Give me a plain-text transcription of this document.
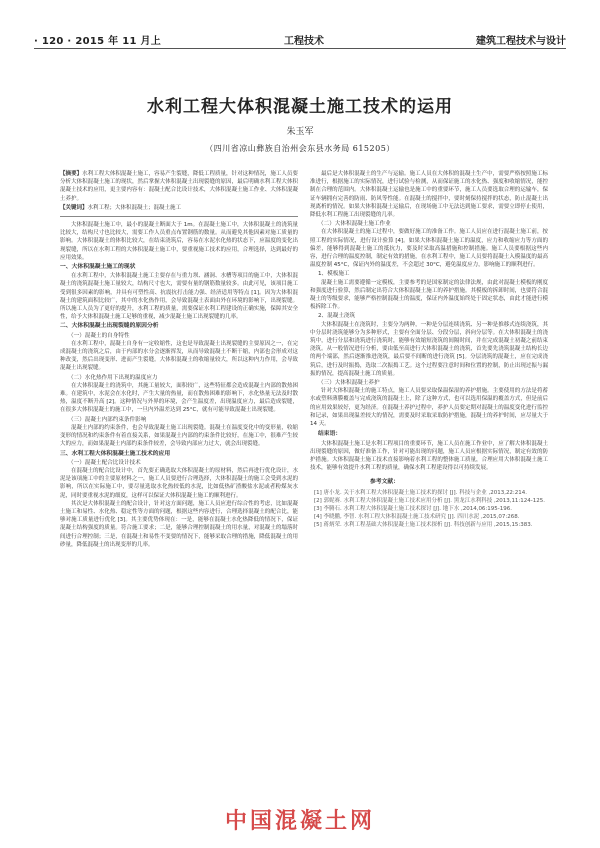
· 120 · 2015 年 11 月上	工程技术	建筑工程技术与设计
水利工程大体积混凝土施工技术的运用
朱玉军
（四川省凉山彝族自治州会东县水务局 615205）
【摘要】水利工程大体积混凝土施工，容易产生裂缝，降低工程质量，针对这种情况，施工人员要分析大体积混凝土施工的现状，然后掌握大体积混凝土出现裂缝的原因，最后明确水利工程大体积混凝土技术的应用，更主要内容有：混凝土配合比设计技术，大体积混凝土施工作业、大体积混凝土养护。
【关键词】水利工程；大体积混凝土；混凝土施工

大体积混凝土施工中，最小的混凝土断面大于 1m。在混凝土施工中，大体积混凝土的浇筑量比较大，结构尺寸也比较大，需要工作人员重点布置钢筋的数量。从而避免其他因素对施工质量的影响。大体积混凝土的体积比较大，在结束浇筑后，容易在水泥水化热的状态下，应温度的变化出现裂缝，所以在水利工程的大体积混凝土施工中，要重视施工技术的应用，合理选择，达到最好的应用效果。

一、大体积混凝土施工的现状

在水利工程中，大体积混凝土施工主要存在与重力坝、涵洞、水槽等项目的施工中，大体积混凝土的浇筑混凝土施工量较大，结构尺寸也大，需要有量的钢筋数量较多。由此可见，该项目施工受到很多因素的影响，并具有可塑性高、抗震抗打击能力强、经济适用等特点 [1]。因为大体积混凝土的建筑面积比较广，其中的水化热作用，会导致混凝土表面由外在环境的影响下，出现裂缝。所以施工人员为了更好的提升，水利工程的质量，需要保证水利工程建设的正确实施，保障其安全性，给予大体积混凝土施工足够的重视，减少混凝土施工出现裂缝的几率。

二、大体积混凝土出现裂缝的原因分析
（一）混凝土的自身特性

在水利工程中，混凝土自身有一定收缩性，这也是导致混凝土出现裂缝的主要原因之一，在完成混凝土的浇筑之后，由于内部的水分会逐渐挥发，从而导致混凝土不断干缩，内部也会形成对这种改变，然后出现变形、进而产生裂缝。大体积混凝土的收缩量较大，所以这种内力作用，会导致混凝土出现裂缝。

（二）水化热作用下出现的温度应力

在大体积混凝土的浇筑中，其施工量较大，面积较广，这些特征都会造成混凝土内部的散热困难。在建筑中，水泥会在水化时，产生大量的热量，而在散热困难的影响下，水化热量无法及时散热，温度不断升高 [2]。这种情况与外界的环境，会产生温度差，出现温度应力，最后造成裂缝，在很多大体积混凝土的施工中，一旦内外温差达到 25°C，就有可能导致混凝土出现裂缝。

（三）混凝土内部约束条件影响

混凝土内部的约束条件，也会导致混凝土施工出现裂缝。混凝土在温度变化中的变形量，收缩变形的情况和约束条件有着直接关系，如果混凝土内部的约束条件比较好，在施工中，很难产生较大的应力，而如果混凝土内部约束条件较差，会导致内部应力过大，就会出现裂缝。

三、水利工程大体积混凝土施工技术的应用
（一）混凝土配合比设计技术

在混凝土的配合比设计中，首先要正确选取大体积混凝土的原材料，然后再进行优化设计，水泥是该项施工中的主要原材料之一，施工人员要进行合理选择，大体积混凝土的施工会受到水泥的影响，所以在实际施工中，要尽量选取水化热较低的水泥，比如低热矿渣酸盐水泥或者粉煤灰水泥，同时要重视水泥的细度，这样可以保证大体积混凝土施工的顺利进行。

其次是大体积混凝土的配合设计，针对这方面问题，施工人员应进行综合性的考虑，比如混凝土施工和易性、水化热、稳定性等方面的问题，根据这些内容进行，合理选择混凝土的配合比，能够对施工质量进行优化 [3]。其主要优势体现在：一是，能够在混凝土水化热降低的情况下，保证混凝土结构强度的质量。符合施工要求；二是，能够合理控制混凝土的用水量，对混凝土的塌落时间进行合理控制；三是，在混凝土和易性不变要的情况下，能够采取合理的措施，降低混凝土的用砂量，降低混凝土的出现变形的几率。

最后是大体积混凝土的生产与运输。施工人员在大体积的混凝土生产中，需要严格按照施工标准进行，根据施工的实际情况，进行试验与检测，从而保证施工的水化热、强度和收缩情况，能控制在合理的范围内。大体积混凝土运输也是施工中的重要环节，施工人员要选取合理的运输车，保证车辆拥有完善的防雨、防风等性能。在混凝土的搅拌中，要时刻保持搅拌的状态，防止混凝土出现离析的情况。如果大体积混凝土运输后，在现场施工中无法达到施工要求，需要立即停止使用，降低水利工程施工出现裂缝的几率。

（二）大体积混凝土施工作业

在大体积混凝土的施工过程中，要做好施工的准备工作。施工人员应在进行混凝土施工前，按照工程的实际情况，进行设计验算 [4]。如果大体积混凝土施工的温度，应力和收缩应力等方面的偏差，能够得到混凝土施工的抵抗力，要及时采取高温措施和控制措施。施工人员要根据这些内容，进行合理的温度控制，制定有效的措施，在水利工程中，施工人员要将混凝土入模温度的最高温度控制 45°C，保证内外的温度差，不会超过 30°C，避免温度应力，影响施工的顺利进行。

1、模板施工

混凝土施工需要遵循一定模板，主要参考的是国家制定的法律法规，由此对混凝土模板的刚度和强度进行验算，然后制定出符合大体积混凝土施工的养护措施。其模板的拆卸时间，也要符合混凝土的等级要求，能够严格控制混凝土的温度，保证内外温度始终处于固定状态，由此才能进行模板拆除工作。

2、混凝土浇筑

大体积混凝土在浇筑时，主要分为两种，一种是分层连续浇筑、另一种是推移式连续浇筑，其中分层时浇筑能够分为多种形式，主要有全面分层、分段分层，斜向分层等。在大体积混凝土的浇筑中，进行分层和浇筑进行浇筑时，能够有效缩短浇筑的间隔时间，并在完成混凝土初凝之前结束浇筑。从一般情况进行分析，要由低至高进行大体积混凝土的浇筑，首先要先浇筑混凝土结构长边的两个端部，然后逐渐推进浇筑，最后要不间断的进行浇筑 [5]。分层浇筑的混凝土，应在完成浇筑后，进行及时振捣，选取二次振捣工艺。这个过程要注意时间和位置的控制，防止出现过振与漏振的情况，提高混凝土施工的质量。

（三）大体积混凝土养护

针对大体积混凝土的施工特点，施工人员要采取保温保湿的养护措施。主要使用的方法是将蓄水或塑料薄膜覆盖与完成浇筑的混凝土上，除了这种方式，也可以选用保温的覆盖方式，但是前后的应用效果较好，更为经济。在混凝土养护过程中，养护人员要定期对混凝土的温度变化进行监控和记录，如果出现温差较大的情况，需要及时采取采取防护措施，混凝土的养护时间，应尽量大于 14 天。

结束语：

大体积混凝土施工是水利工程项目的重要环节，施工人员在施工作业中，应了解大体积混凝土出现裂缝的原因，做好准备工作，针对可能出现的问题，施工人员应根据实际情况，制定有效的防护措施。大体积混凝土施工技术直接影响着水利工程的整体施工质量，合理应用大体积混凝土施工技术，能够有效提升水利工程的质量，确保水利工程建设得以可持续发展。

参考文献：
[1] 唐小龙. 关于水利工程大体积混凝土施工技术的探讨 [J]. 科技与企业 ,2013,22:214.
[2] 郭妮赛. 水利工程大体积混凝土施工技术应用分析 [J]. 黑龙江水利科技 ,2013,11:124-125.
[3] 李腾石. 水利工程大体积混凝土施工技术探讨 [J]. 地下水 ,2014,06:195-196.
[4] 李晓鹏, 李智. 水利工程大体积混凝土施工技术研究 [J]. 四川水泥 ,2015,07:268.
[5] 蒋炳荣. 水利工程基础大体积混凝土施工技术探析 [J]. 科技创新与应用 ,2015,15:383.
中国混凝土网
